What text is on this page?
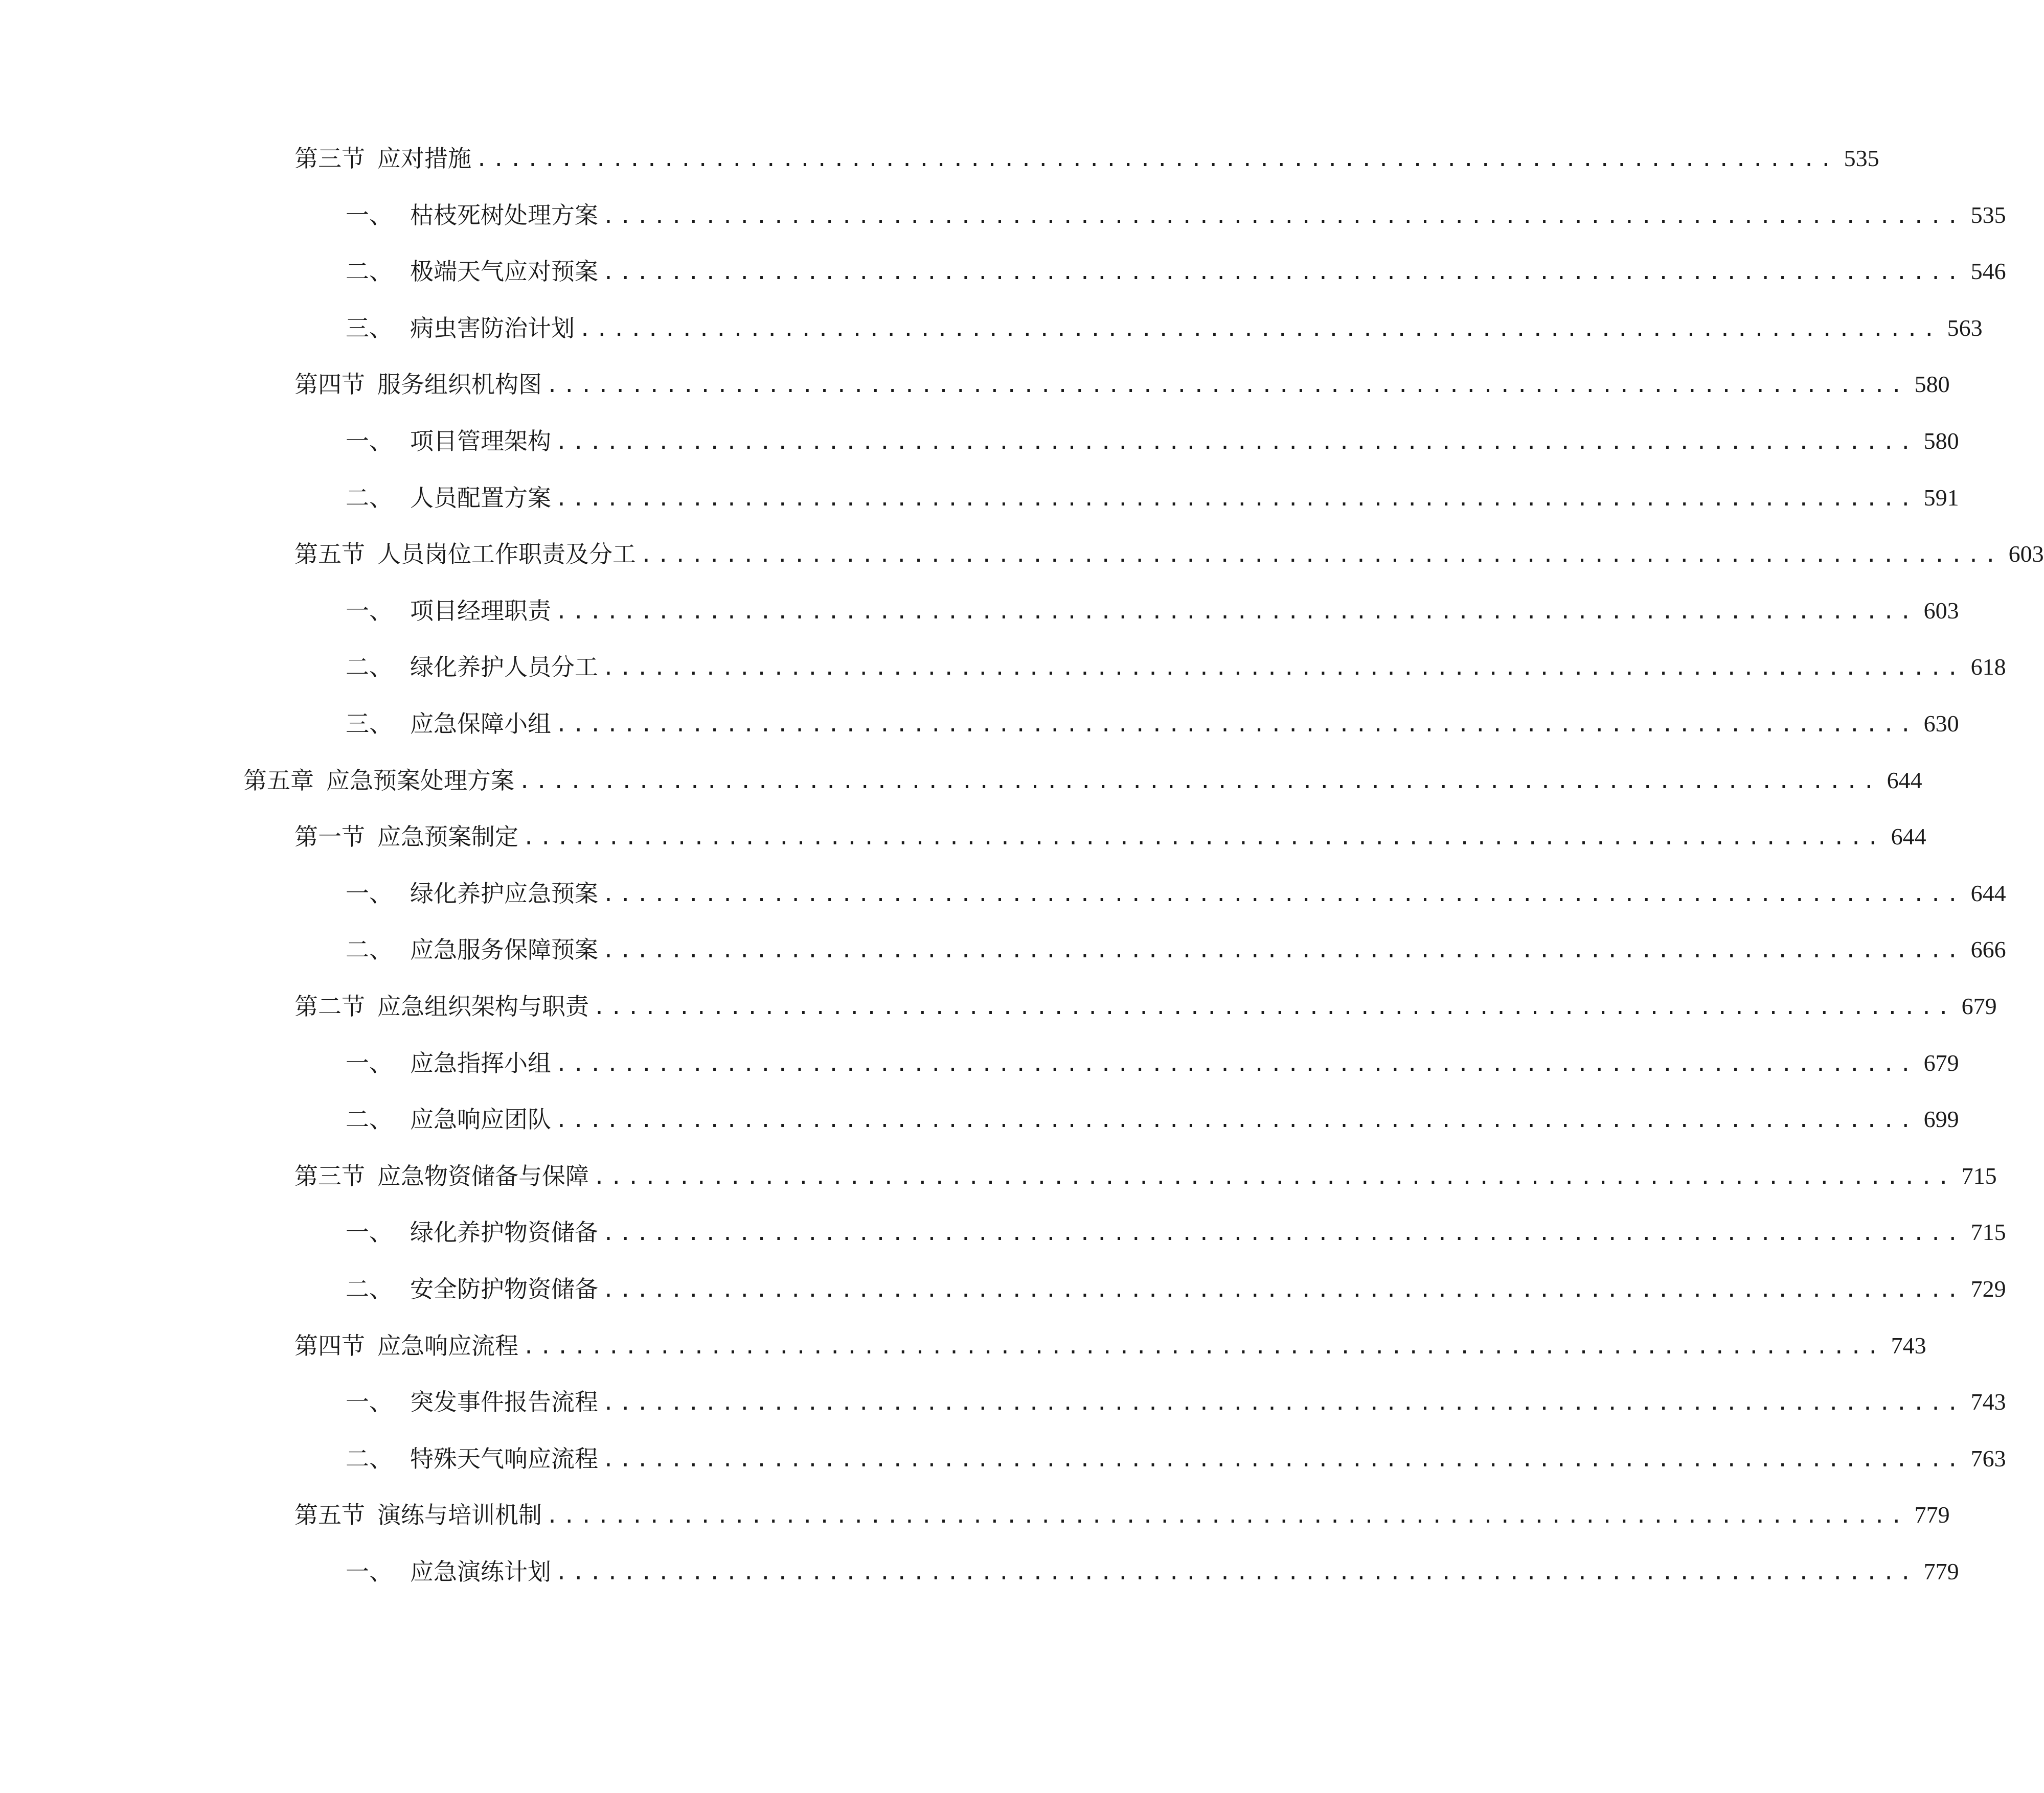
第三节 应对措施 ................................................................................ 535
一、 枯枝死树处理方案 ................................................................................ 535
二、 极端天气应对预案 ................................................................................ 546
三、 病虫害防治计划 ................................................................................ 563
第四节 服务组织机构图 ................................................................................ 580
一、 项目管理架构 ................................................................................ 580
二、 人员配置方案 ................................................................................ 591
第五节 人员岗位工作职责及分工 ................................................................................ 603
一、 项目经理职责 ................................................................................ 603
二、 绿化养护人员分工 ................................................................................ 618
三、 应急保障小组 ................................................................................ 630
第五章 应急预案处理方案 ................................................................................ 644
第一节 应急预案制定 ................................................................................ 644
一、 绿化养护应急预案 ................................................................................ 644
二、 应急服务保障预案 ................................................................................ 666
第二节 应急组织架构与职责 ................................................................................ 679
一、 应急指挥小组 ................................................................................ 679
二、 应急响应团队 ................................................................................ 699
第三节 应急物资储备与保障 ................................................................................ 715
一、 绿化养护物资储备 ................................................................................ 715
二、 安全防护物资储备 ................................................................................ 729
第四节 应急响应流程 ................................................................................ 743
一、 突发事件报告流程 ................................................................................ 743
二、 特殊天气响应流程 ................................................................................ 763
第五节 演练与培训机制 ................................................................................ 779
一、 应急演练计划 ................................................................................ 779
